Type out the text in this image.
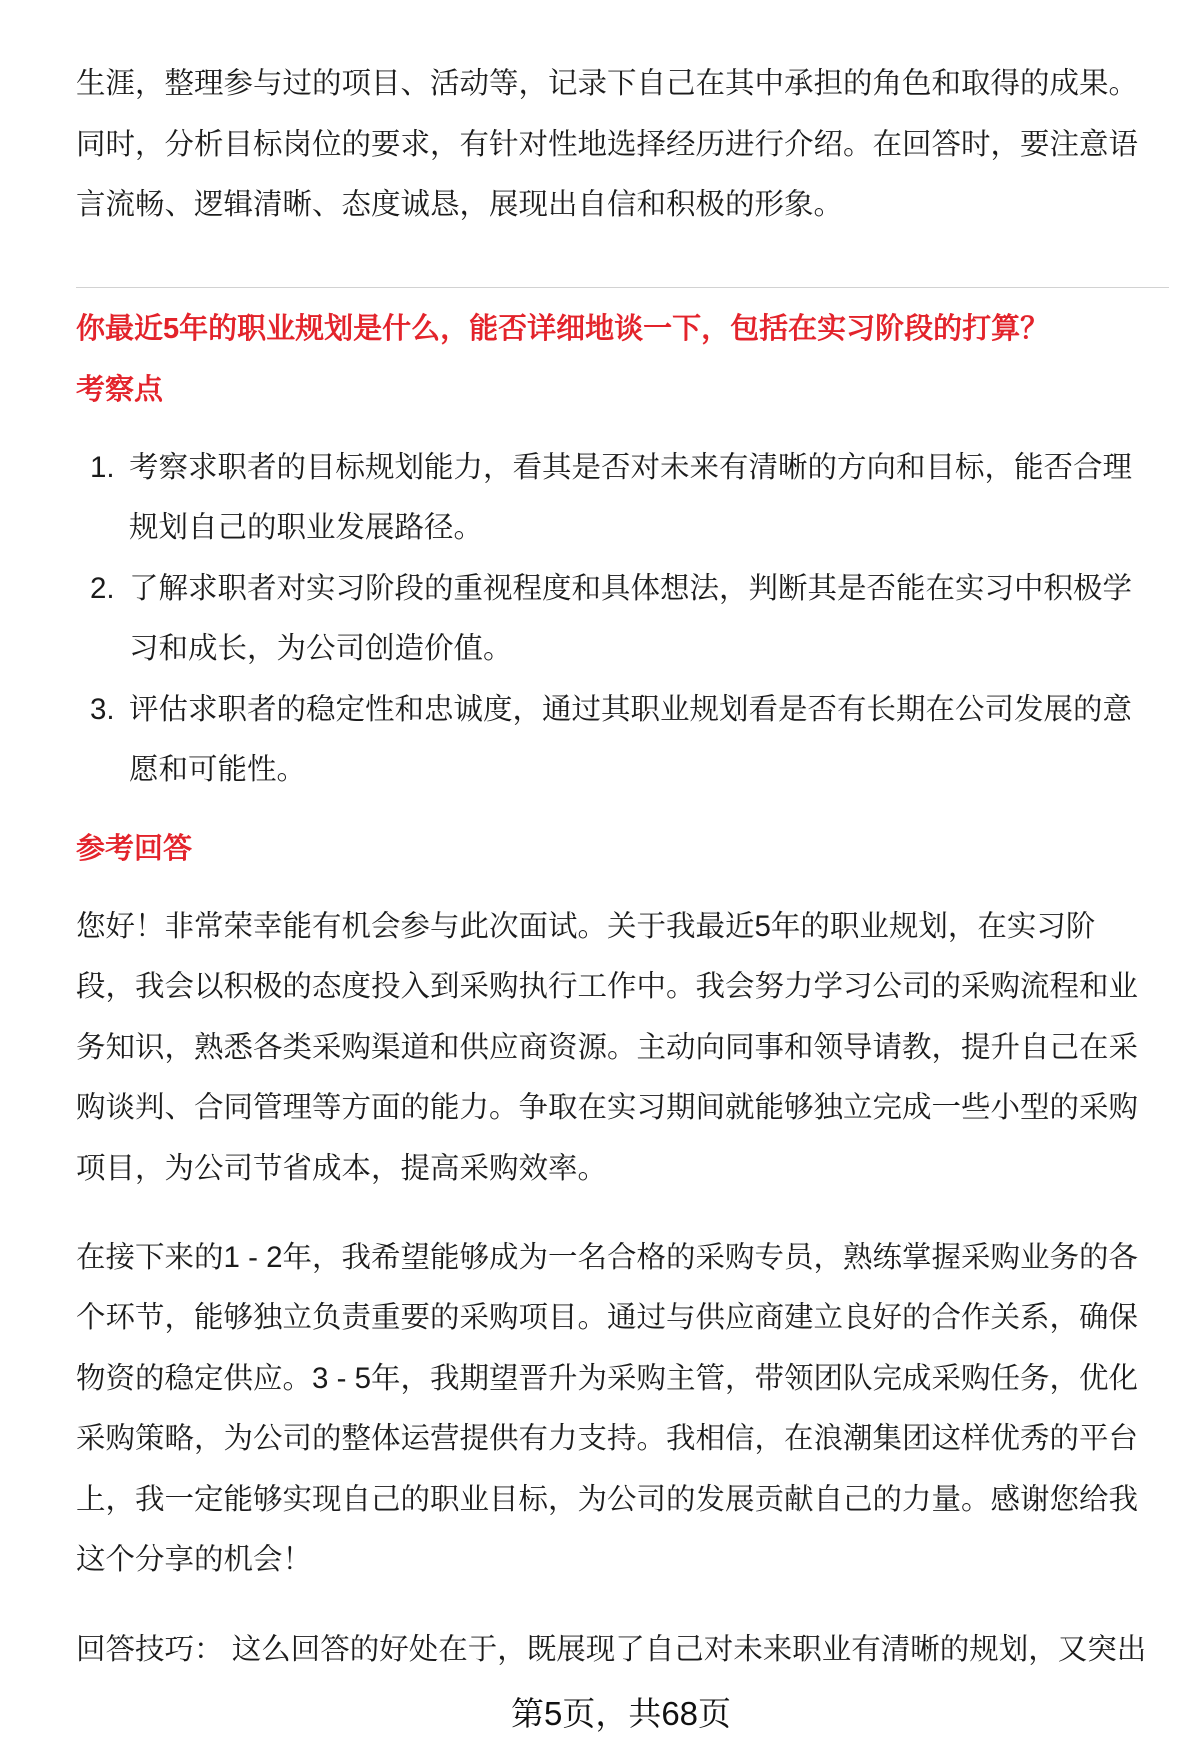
生涯，整理参与过的项目、活动等，记录下自己在其中承担的角色和取得的成果。
同时，分析目标岗位的要求，有针对性地选择经历进行介绍。在回答时，要注意语
言流畅、逻辑清晰、态度诚恳，展现出自信和积极的形象。
你最近5年的职业规划是什么，能否详细地谈一下，包括在实习阶段的打算？
考察点
1. 考察求职者的目标规划能力，看其是否对未来有清晰的方向和目标，能否合理
规划自己的职业发展路径。
2. 了解求职者对实习阶段的重视程度和具体想法，判断其是否能在实习中积极学
习和成长，为公司创造价值。
3. 评估求职者的稳定性和忠诚度，通过其职业规划看是否有长期在公司发展的意
愿和可能性。
参考回答
您好！非常荣幸能有机会参与此次面试。关于我最近5年的职业规划，在实习阶
段，我会以积极的态度投入到采购执行工作中。我会努力学习公司的采购流程和业
务知识，熟悉各类采购渠道和供应商资源。主动向同事和领导请教，提升自己在采
购谈判、合同管理等方面的能力。争取在实习期间就能够独立完成一些小型的采购
项目，为公司节省成本，提高采购效率。
在接下来的1 - 2年，我希望能够成为一名合格的采购专员，熟练掌握采购业务的各
个环节，能够独立负责重要的采购项目。通过与供应商建立良好的合作关系，确保
物资的稳定供应。3 - 5年，我期望晋升为采购主管，带领团队完成采购任务，优化
采购策略，为公司的整体运营提供有力支持。我相信，在浪潮集团这样优秀的平台
上，我一定能够实现自己的职业目标，为公司的发展贡献自己的力量。感谢您给我
这个分享的机会！
回答技巧： 这么回答的好处在于，既展现了自己对未来职业有清晰的规划，又突出
第5页，共68页
